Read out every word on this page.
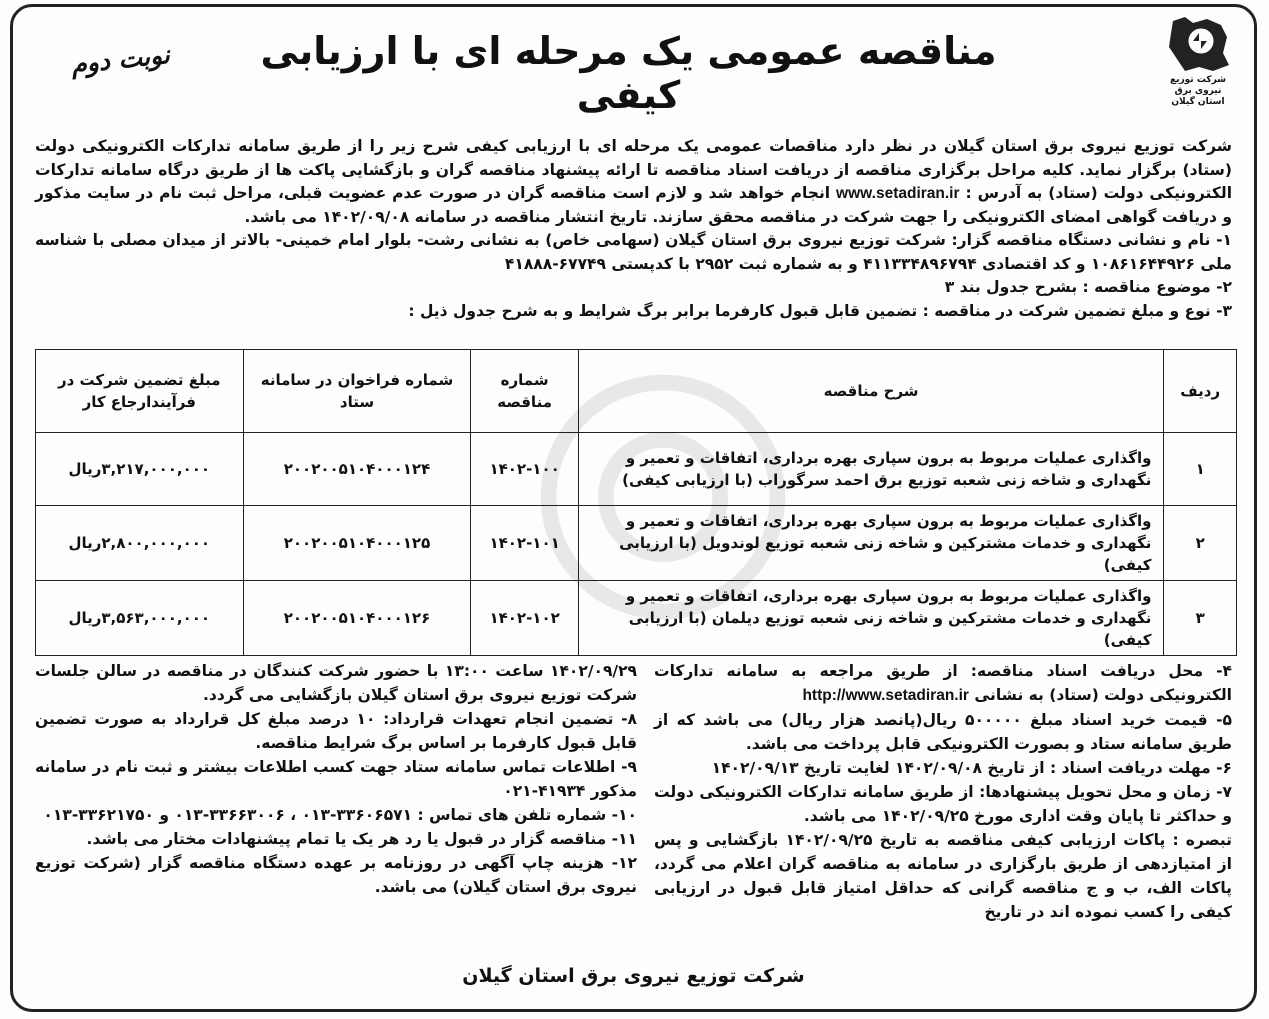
شرکت توزیع نیروی برق
استان گیلان
مناقصه عمومی یک مرحله ای با ارزیابی کیفی
نوبت دوم

شرکت توزیع نیروی برق استان گیلان در نظر دارد مناقصات عمومی یک مرحله ای با ارزیابی کیفی شرح زیر را از طریق سامانه تدارکات الکترونیکی دولت (ستاد) برگزار نماید. کلیه مراحل برگزاری مناقصه از دریافت اسناد مناقصه تا ارائه پیشنهاد مناقصه گران و بازگشایی پاکت ها از طریق درگاه سامانه تدارکات الکترونیکی دولت (ستاد) به آدرس : www.setadiran.ir انجام خواهد شد و لازم است مناقصه گران در صورت عدم عضویت قبلی، مراحل ثبت نام در سایت مذکور و دریافت گواهی امضای الکترونیکی را جهت شرکت در مناقصه محقق سازند. تاریخ انتشار مناقصه در سامانه ۱۴۰۲/۰۹/۰۸ می باشد.

۱- نام و نشانی دستگاه مناقصه گزار: شرکت توزیع نیروی برق استان گیلان (سهامی خاص) به نشانی رشت- بلوار امام خمینی- بالاتر از میدان مصلی با شناسه ملی ۱۰۸۶۱۶۴۴۹۲۶ و کد اقتصادی ۴۱۱۳۳۴۸۹۶۷۹۴ و به شماره ثبت ۲۹۵۲ با کدپستی ۶۷۷۴۹-۴۱۸۸۸

۲- موضوع مناقصه : بشرح جدول بند ۳

۳- نوع و مبلغ تضمین شرکت در مناقصه : تضمین قابل قبول کارفرما برابر برگ شرایط و به شرح جدول ذیل :

ردیف	شرح مناقصه	شماره مناقصه	شماره فراخوان در سامانه ستاد	مبلغ تضمین شرکت در فرآیندارجاع کار
۱	واگذاری عملیات مربوط به برون سپاری بهره برداری، اتفاقات و تعمیر و نگهداری و شاخه زنی شعبه توزیع برق احمد سرگوراب (با ارزیابی کیفی)	۱۴۰۲-۱۰۰	۲۰۰۲۰۰۵۱۰۴۰۰۰۱۲۴	۳,۲۱۷,۰۰۰,۰۰۰ریال
۲	واگذاری عملیات مربوط به برون سپاری بهره برداری، اتفاقات و تعمیر و نگهداری و خدمات مشترکین و شاخه زنی شعبه توزیع لوندویل (با ارزیابی کیفی)	۱۴۰۲-۱۰۱	۲۰۰۲۰۰۵۱۰۴۰۰۰۱۲۵	۲,۸۰۰,۰۰۰,۰۰۰ریال
۳	واگذاری عملیات مربوط به برون سپاری بهره برداری، اتفاقات و تعمیر و نگهداری و خدمات مشترکین و شاخه زنی شعبه توزیع دیلمان (با ارزیابی کیفی)	۱۴۰۲-۱۰۲	۲۰۰۲۰۰۵۱۰۴۰۰۰۱۲۶	۳,۵۶۳,۰۰۰,۰۰۰ریال

۴- محل دریافت اسناد مناقصه: از طریق مراجعه به سامانه تدارکات الکترونیکی دولت (ستاد) به نشانی http://www.setadiran.ir

۵- قیمت خرید اسناد مبلغ ۵۰۰۰۰۰ ریال(پانصد هزار ریال) می باشد که از طریق سامانه ستاد و بصورت الکترونیکی قابل پرداخت می باشد.

۶- مهلت دریافت اسناد : از تاریخ ۱۴۰۲/۰۹/۰۸ لغایت تاریخ ۱۴۰۲/۰۹/۱۳

۷- زمان و محل تحویل پیشنهادها: از طریق سامانه تدارکات الکترونیکی دولت و حداکثر تا پایان وقت اداری مورخ ۱۴۰۲/۰۹/۲۵ می باشد.

تبصره : پاکات ارزیابی کیفی مناقصه به تاریخ ۱۴۰۲/۰۹/۲۵ بازگشایی و پس از امتیازدهی از طریق بارگزاری در سامانه به مناقصه گران اعلام می گردد، پاکات الف، ب و ج مناقصه گرانی که حداقل امتیاز قابل قبول در ارزیابی کیفی را کسب نموده اند در تاریخ

۱۴۰۲/۰۹/۲۹ ساعت ۱۳:۰۰ با حضور شرکت کنندگان در مناقصه در سالن جلسات شرکت توزیع نیروی برق استان گیلان بازگشایی می گردد.

۸- تضمین انجام تعهدات قرارداد: ۱۰ درصد مبلغ کل قرارداد به صورت تضمین قابل قبول کارفرما بر اساس برگ شرایط مناقصه.

۹- اطلاعات تماس سامانه ستاد جهت کسب اطلاعات بیشتر و ثبت نام در سامانه مذکور ۴۱۹۳۴-۰۲۱

۱۰- شماره تلفن های تماس : ۳۳۶۰۶۵۷۱-۰۱۳ ، ۳۳۶۶۳۰۰۶-۰۱۳ و ۳۳۶۲۱۷۵۰-۰۱۳

۱۱- مناقصه گزار در قبول یا رد هر یک یا تمام پیشنهادات مختار می باشد.

۱۲- هزینه چاپ آگهی در روزنامه بر عهده دستگاه مناقصه گزار (شرکت توزیع نیروی برق استان گیلان) می باشد.

شرکت توزیع نیروی برق استان گیلان
